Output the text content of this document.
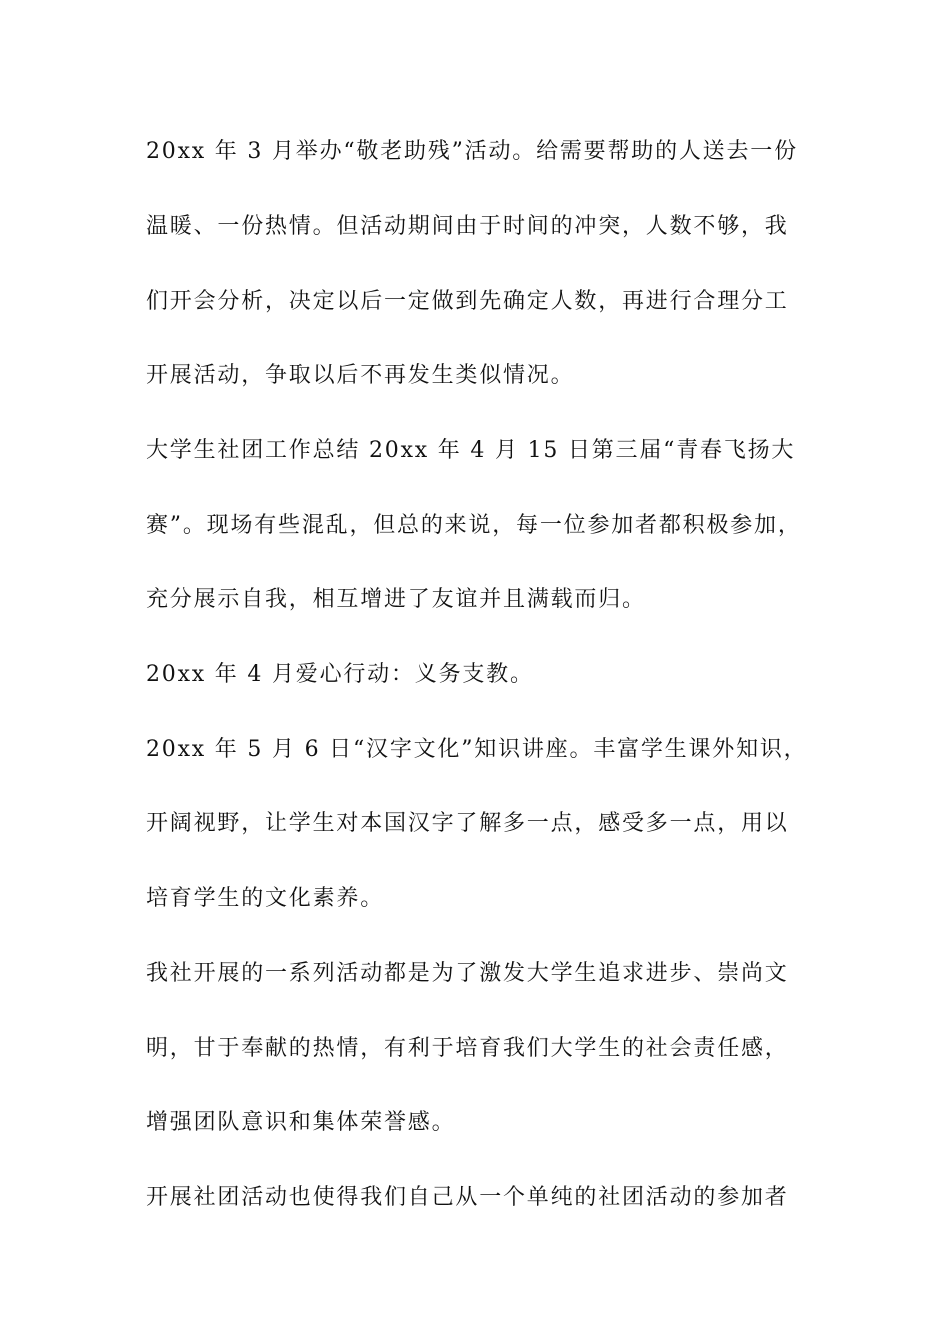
20xx 年 3 月举办“敬老助残”活动。给需要帮助的人送去一份
温暖、一份热情。但活动期间由于时间的冲突，人数不够，我
们开会分析，决定以后一定做到先确定人数，再进行合理分工
开展活动，争取以后不再发生类似情况。
大学生社团工作总结 20xx 年 4 月 15 日第三届“青春飞扬大
赛”。现场有些混乱，但总的来说，每一位参加者都积极参加，
充分展示自我，相互增进了友谊并且满载而归。
20xx 年 4 月爱心行动：义务支教。
20xx 年 5 月 6 日“汉字文化”知识讲座。丰富学生课外知识，
开阔视野，让学生对本国汉字了解多一点，感受多一点，用以
培育学生的文化素养。
我社开展的一系列活动都是为了激发大学生追求进步、崇尚文
明，甘于奉献的热情，有利于培育我们大学生的社会责任感，
增强团队意识和集体荣誉感。
开展社团活动也使得我们自己从一个单纯的社团活动的参加者
